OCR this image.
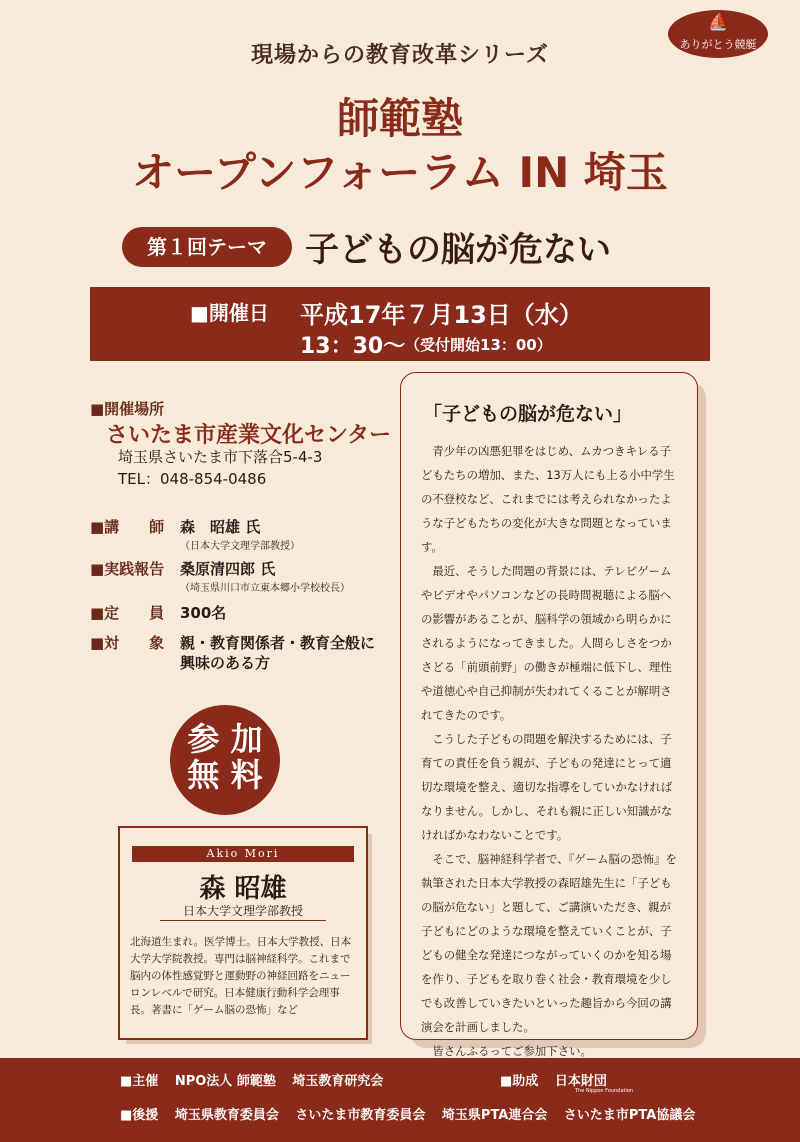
現場からの教育改革シリーズ
⛵
ありがとう競艇
師範塾
オープンフォーラム IN 埼玉
第１回テーマ	子どもの脳が危ない
■開催日 平成17年７月13日（水）
13：30〜 （受付開始13：00）
■開催場所
さいたま市産業文化センター
埼玉県さいたま市下落合5-4-3
TEL：048-854-0486
■講　　師 森　昭雄 氏
（日本大学文理学部教授）
■実践報告 桑原清四郎 氏
（埼玉県川口市立東本郷小学校校長）
■定　　員 300名
■対　　象 親・教育関係者・教育全般に
興味のある方
参 加
無 料
Akio Mori
森 昭雄
日本大学文理学部教授
北海道生まれ。医学博士。日本大学教授、日本大学大学院教授。専門は脳神経科学。これまで脳内の体性感覚野と運動野の神経回路をニューロンレベルで研究。日本健康行動科学会理事長。著書に「ゲーム脳の恐怖」など
「子どもの脳が危ない」

青少年の凶悪犯罪をはじめ、ムカつきキレる子どもたちの増加、また、13万人にも上る小中学生の不登校など、これまでには考えられなかったような子どもたちの変化が大きな問題となっています。

最近、そうした問題の背景には、テレビゲームやビデオやパソコンなどの長時間視聴による脳への影響があることが、脳科学の領域から明らかにされるようになってきました。人間らしさをつかさどる「前頭前野」の働きが極端に低下し、理性や道徳心や自己抑制が失われてくることが解明されてきたのです。

こうした子どもの問題を解決するためには、子育ての責任を負う親が、子どもの発達にとって適切な環境を整え、適切な指導をしていかなければなりません。しかし、それも親に正しい知識がなければかなわないことです。

そこで、脳神経科学者で、『ゲーム脳の恐怖』を執筆された日本大学教授の森昭雄先生に「子どもの脳が危ない」と題して、ご講演いただき、親が子どもにどのような環境を整えていくことが、子どもの健全な発達につながっていくのかを知る場を作り、子どもを取り巻く社会・教育環境を少しでも改善していきたいといった趣旨から今回の講演会を計画しました。

皆さんふるってご参加下さい。

■主催 NPO法人 師範塾 埼玉教育研究会	■助成 日本財団
The Nippon Foundation
■後援 埼玉県教育委員会 さいたま市教育委員会 埼玉県PTA連合会 さいたま市PTA協議会
